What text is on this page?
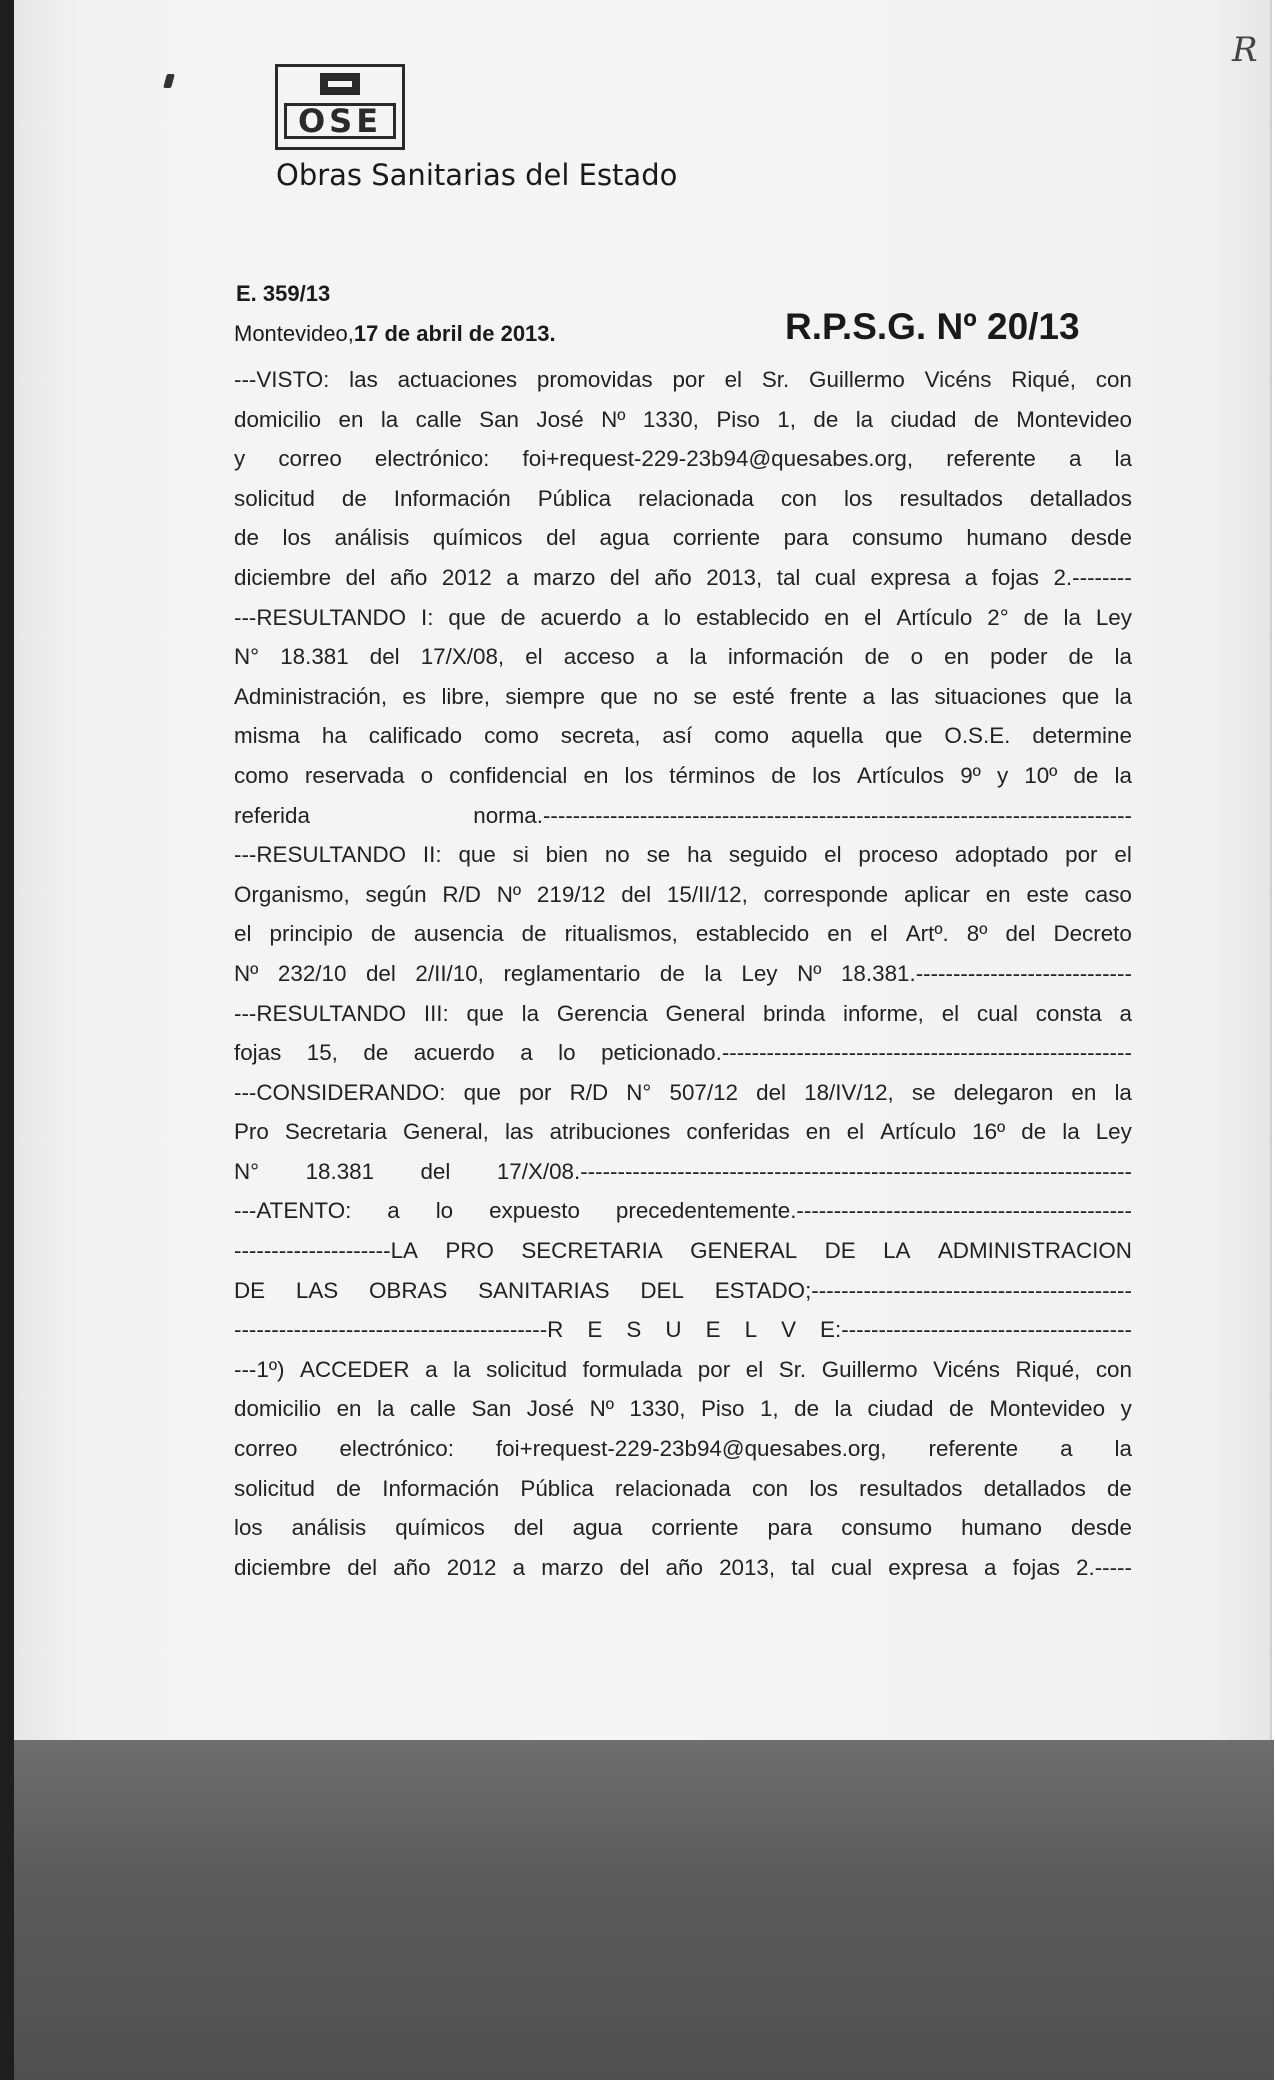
R
OSE
Obras Sanitarias del Estado
E. 359/13
Montevideo,17 de abril de 2013.	R.P.S.G. Nº 20/13
---VISTO: las actuaciones promovidas por el Sr. Guillermo Vicéns Riqué, con
domicilio en la calle San José Nº 1330, Piso 1, de la ciudad de Montevideo
y correo electrónico: foi+request-229-23b94@quesabes.org, referente a la
solicitud de Información Pública relacionada con los resultados detallados
de los análisis químicos del agua corriente para consumo humano desde
diciembre del año 2012 a marzo del año 2013, tal cual expresa a fojas 2.--------
---RESULTANDO I: que de acuerdo a lo establecido en el Artículo 2° de la Ley
N° 18.381 del 17/X/08, el acceso a la información de o en poder de la
Administración, es libre, siempre que no se esté frente a las situaciones que la
misma ha calificado como secreta, así como aquella que O.S.E. determine
como reservada o confidencial en los términos de los Artículos 9º y 10º de la
referida	norma.-------------------------------------------------------------------------------
---RESULTANDO II: que si bien no se ha seguido el proceso adoptado por el
Organismo, según R/D Nº 219/12 del 15/II/12, corresponde aplicar en este caso
el principio de ausencia de ritualismos, establecido en el Artº. 8º del Decreto
Nº 232/10 del 2/II/10, reglamentario de la Ley Nº 18.381.-----------------------------
---RESULTANDO III: que la Gerencia General brinda informe, el cual consta a
fojas 15, de acuerdo a lo peticionado.-------------------------------------------------------
---CONSIDERANDO: que por R/D N° 507/12 del 18/IV/12, se delegaron en la
Pro Secretaria General, las atribuciones conferidas en el Artículo 16º de la Ley
N° 18.381 del 17/X/08.--------------------------------------------------------------------------
---ATENTO: a lo expuesto precedentemente.---------------------------------------------
---------------------LA PRO SECRETARIA GENERAL DE LA ADMINISTRACION
DE LAS OBRAS SANITARIAS DEL ESTADO;-------------------------------------------
------------------------------------------R E S U E L V E:---------------------------------------
---1º) ACCEDER a la solicitud formulada por el Sr. Guillermo Vicéns Riqué, con
domicilio en la calle San José Nº 1330, Piso 1, de la ciudad de Montevideo y
correo electrónico: foi+request-229-23b94@quesabes.org, referente a la
solicitud de Información Pública relacionada con los resultados detallados de
los análisis químicos del agua corriente para consumo humano desde
diciembre del año 2012 a marzo del año 2013, tal cual expresa a fojas 2.-----
